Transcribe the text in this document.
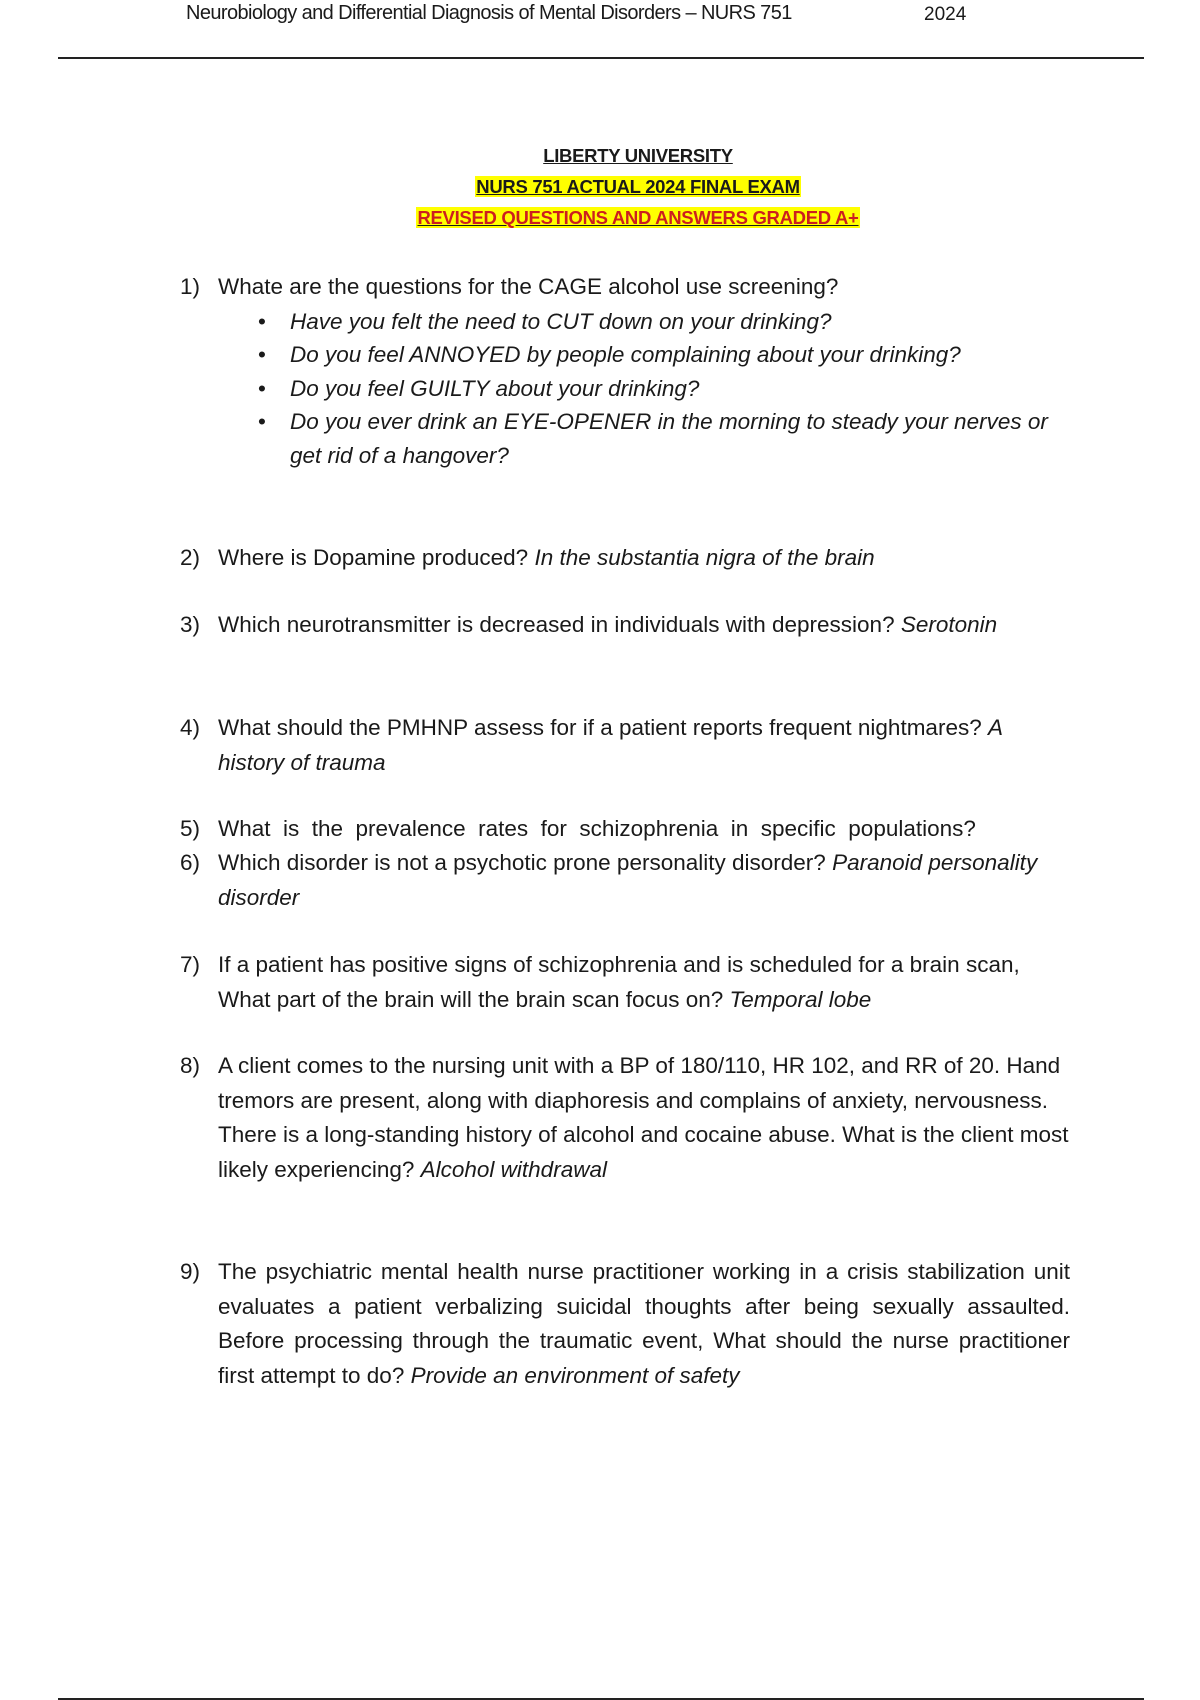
Neurobiology and Differential Diagnosis of Mental Disorders – NURS 751	2024
LIBERTY UNIVERSITY
NURS 751 ACTUAL 2024 FINAL EXAM
REVISED QUESTIONS AND ANSWERS GRADED A+
1) Whate are the questions for the CAGE alcohol use screening?
• Have you felt the need to CUT down on your drinking?
• Do you feel ANNOYED by people complaining about your drinking?
• Do you feel GUILTY about your drinking?
• Do you ever drink an EYE-OPENER in the morning to steady your nerves or get rid of a hangover?
2) Where is Dopamine produced? In the substantia nigra of the brain
3) Which neurotransmitter is decreased in individuals with depression? Serotonin
4) What should the PMHNP assess for if a patient reports frequent nightmares? A history of trauma
5) What  is  the  prevalence  rates  for  schizophrenia  in  specific  populations?
6) Which disorder is not a psychotic prone personality disorder? Paranoid personality disorder
7) If a patient has positive signs of schizophrenia and is scheduled for a brain scan, What part of the brain will the brain scan focus on? Temporal lobe
8) A client comes to the nursing unit with a BP of 180/110, HR 102, and RR of 20. Hand tremors are present, along with diaphoresis and complains of anxiety, nervousness. There is a long-standing history of alcohol and cocaine abuse. What is the client most likely experiencing? Alcohol withdrawal
9) The psychiatric mental health nurse practitioner working in a crisis stabilization unit evaluates a patient verbalizing suicidal thoughts after being sexually assaulted. Before processing through the traumatic event, What should the nurse practitioner first attempt to do? Provide an environment of safety
